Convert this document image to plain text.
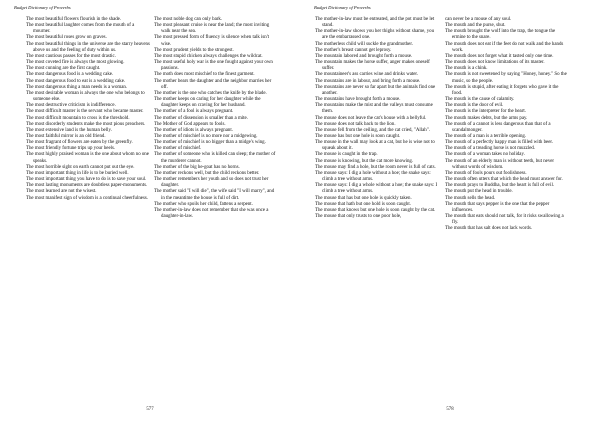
Budget Dictionary of Proverbs
The most beautiful flowers flourish in the shade.
The most beautiful laughter comes from the mouth of a mourner.
The most beautiful roses grow on graves.
The most beautiful things in the universe are the starry heavens above us and the feeling of duty within us.
The most cautious passes for the most drastic.
The most coveted fire is always the most glowing.
The most cunning are the first caught.
The most dangerous food is a wedding cake.
The most dangerous food to eat is a wedding cake.
The most dangerous thing a man needs is a woman.
The most desirable woman is always the one who belongs to someone else.
The most destructive criticism is indifference.
The most difficult master is the servant who became master.
The most difficult mountain to cross is the threshold.
The most disorderly students make the most pious preachers.
The most extensive land is the human belly.
The most faithful mirror is an old friend.
The most fragrant of flowers are eaten by the greenfly.
The most friendly fortune trips up your heels.
The most highly praised woman is the one about whom no one speaks.
The most horrible sight on earth cannot put out the eye.
The most important thing in life is to be buried well.
The most important thing you have to do is to save your soul.
The most lasting monuments are doubtless paper-monuments.
The most learned are not the wisest.
The most manifest sign of wisdom is a continual cheerfulness.
The most noble dog can only bark.
The most pleasant cruise is near the land; the most inviting walk near the sea.
The most pressed form of fluency is silence when talk isn't wise.
The most prudent yields to the strongest.
The most stupid chicken always challenges the wildcat.
The most useful holy war is the one fought against your own passions.
The moth does most mischief to the finest garment.
The mother bears the daughter and the neighbor marries her off.
The mother is the one who catches the knife by the blade.
The mother keeps on caring for her daughter while the daughter keeps on craving for her husband.
The mother of a fool is always pregnant.
The mother of dissension is smaller than a mite.
The Mother of God appears to fools.
The mother of idiots is always pregnant.
The mother of mischief is no more nor a midgewing.
The mother of mischief is no bigger than a midge's wing.
The mother of mischief.
The mother of someone who is killed can sleep; the mother of the murderer cannot.
The mother of the big he-goat has no horns.
The mother reckons well, but the child reckons better.
The mother remembers her youth and so does not trust her daughter.
The mother said "I will die", the wife said "I will marry", and in the meantime the house is full of dirt.
The mother who spoils her child, fattens a serpent.
The mother-in-law does not remember that she was once a daughter-in-law.
577
Budget Dictionary of Proverbs
The mother-in-law must be entreated, and the pot must be let stand.
The mother-in-law shows you her thighs without shame, you are the embarrassed one.
The motherless child will suckle the grandmother.
The mother's breast cannot get leprosy.
The mountain labored and brought forth a mouse.
The mountain makes the horse suffer, anger makes oneself suffer.
The mountaineer's ass carries wine and drinks water.
The mountains are in labour, and bring forth a mouse.
The mountains are never so far apart but the animals find one another.
The mountains have brought forth a mouse.
The mountains make the mist and the valleys must consume them.
The mouse does not leave the cat's house with a bellyful.
The mouse does not talk back to the lion.
The mouse fell from the ceiling, and the cat cried, "Allah".
The mouse has but one hole is soon caught.
The mouse in the wall may look at a cat, but he is wise not to squeak about it.
The mouse is caught in the trap.
The mouse is knowing, but the cat more knowing.
The mouse may find a hole, but the room never is full of cats.
The mouse says: I dig a hole without a hoe; the snake says: climb a tree without arms.
The mouse says: I dig a whole without a hoe; the snake says: I climb a tree without arms.
The mouse that has but one hole is quickly taken.
The mouse that hath but one hold is soon caught.
The mouse that knows but one hole is soon caught by the cat.
The mouse that only trusts to one poor hole,
can never be a mouse of any soul.
The mouth and the purse, shut.
The mouth brought the wolf into the trap, the tongue the ermine to the snare.
The mouth does not eat if the feet do not walk and the hands work.
The mouth does not forget what it tasted only one time.
The mouth does not know limitations of its master.
The mouth is a chink.
The mouth is not sweetened by saying "Honey, honey." So the music, so the people.
The mouth is stupid, after eating it forgets who gave it the food.
The mouth is the cause of calamity.
The mouth is the door of evil.
The mouth is the interpreter for the heart.
The mouth makes debts, but the arms pay.
The mouth of a cannot is less dangerous than that of a scandalmonger.
The mouth of a man is a terrible opening.
The mouth of a perfectly happy man is filled with beer.
The mouth of a treading horse is not muzzled.
The mouth of a woman takes no holiday.
The mouth of an elderly man is without teeth, but never without words of wisdom.
The mouth of fools pours out foolishness.
The mouth often utters that which the head must answer for.
The mouth prays to Buddha, but the heart is full of evil.
The mouth put the head in trouble.
The mouth sells the head.
The mouth that says pepper is the one that the pepper influences.
The mouth that eats should not talk, for it risks swallowing a fly.
The mouth that has salt does not lack words.
578
